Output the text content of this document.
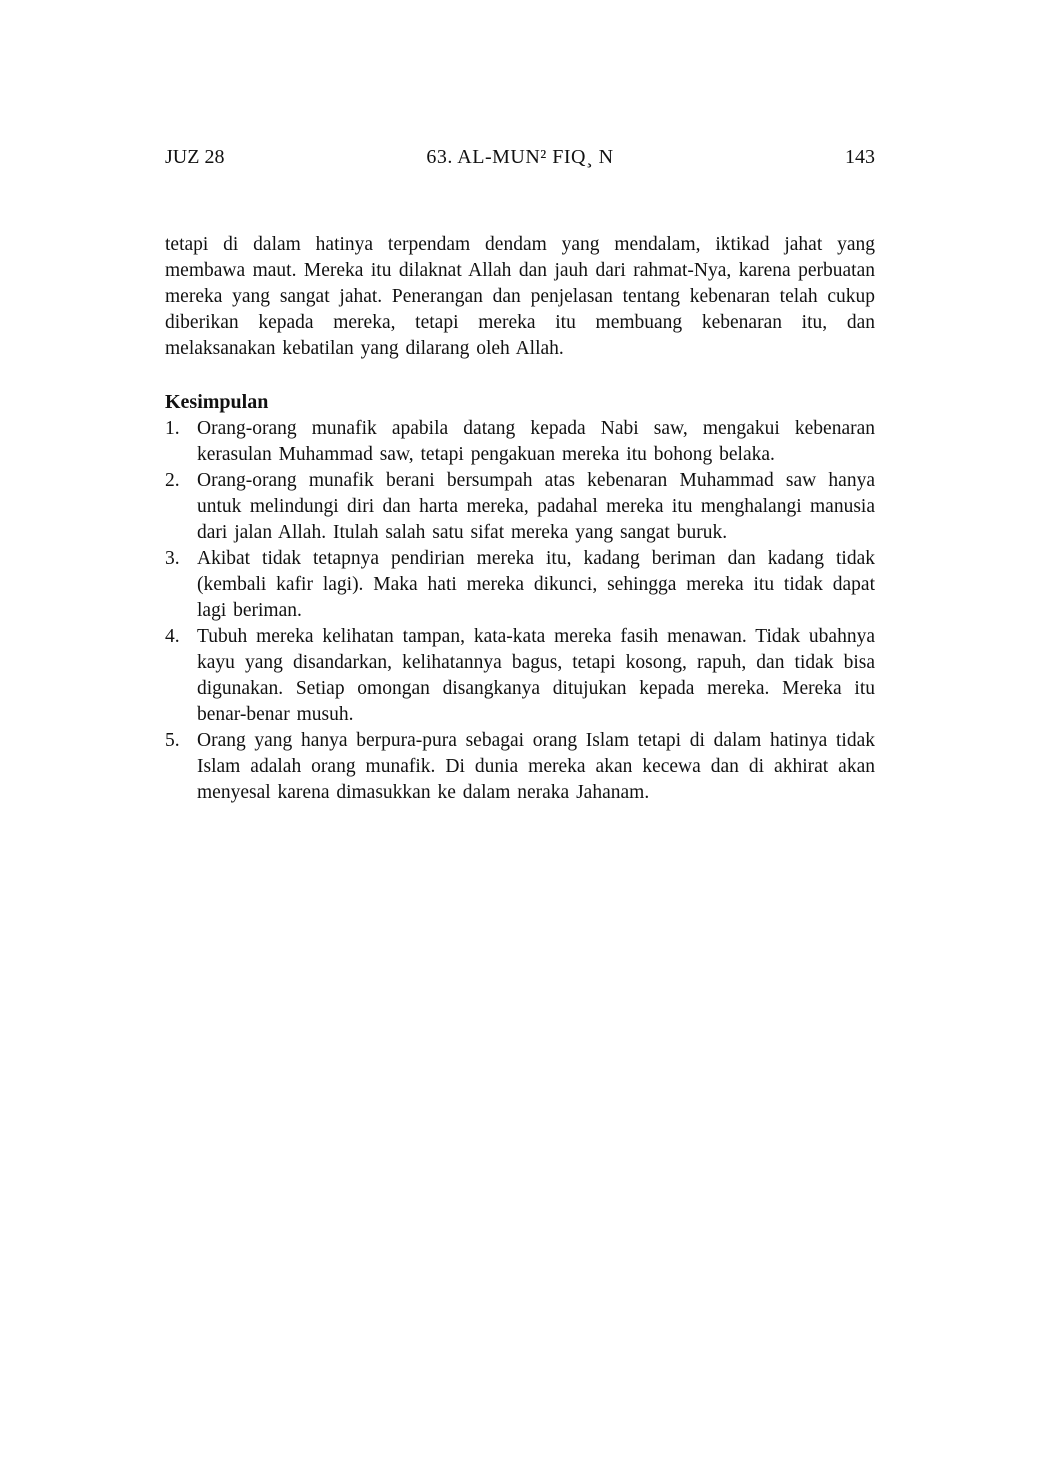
JUZ 28	63. AL-MUN² FIQ¸ N	143

tetapi di dalam hatinya terpendam dendam yang mendalam, iktikad jahat yang membawa maut. Mereka itu dilaknat Allah dan jauh dari rahmat-Nya, karena perbuatan mereka yang sangat jahat. Penerangan dan penjelasan tentang kebenaran telah cukup diberikan kepada mereka, tetapi mereka itu membuang kebenaran itu, dan melaksanakan kebatilan yang dilarang oleh Allah.

Kesimpulan
1. Orang-orang munafik apabila datang kepada Nabi saw, mengakui kebenaran kerasulan Muhammad saw, tetapi pengakuan mereka itu bohong belaka.
2. Orang-orang munafik berani bersumpah atas kebenaran Muhammad saw hanya untuk melindungi diri dan harta mereka, padahal mereka itu menghalangi manusia dari jalan Allah. Itulah salah satu sifat mereka yang sangat buruk.
3. Akibat tidak tetapnya pendirian mereka itu, kadang beriman dan kadang tidak (kembali kafir lagi). Maka hati mereka dikunci, sehingga mereka itu tidak dapat lagi beriman.
4. Tubuh mereka kelihatan tampan, kata-kata mereka fasih menawan. Tidak ubahnya kayu yang disandarkan, kelihatannya bagus, tetapi kosong, rapuh, dan tidak bisa digunakan. Setiap omongan disangkanya ditujukan kepada mereka. Mereka itu benar-benar musuh.
5. Orang yang hanya berpura-pura sebagai orang Islam tetapi di dalam hatinya tidak Islam adalah orang munafik. Di dunia mereka akan kecewa dan di akhirat akan menyesal karena dimasukkan ke dalam neraka Jahanam.
